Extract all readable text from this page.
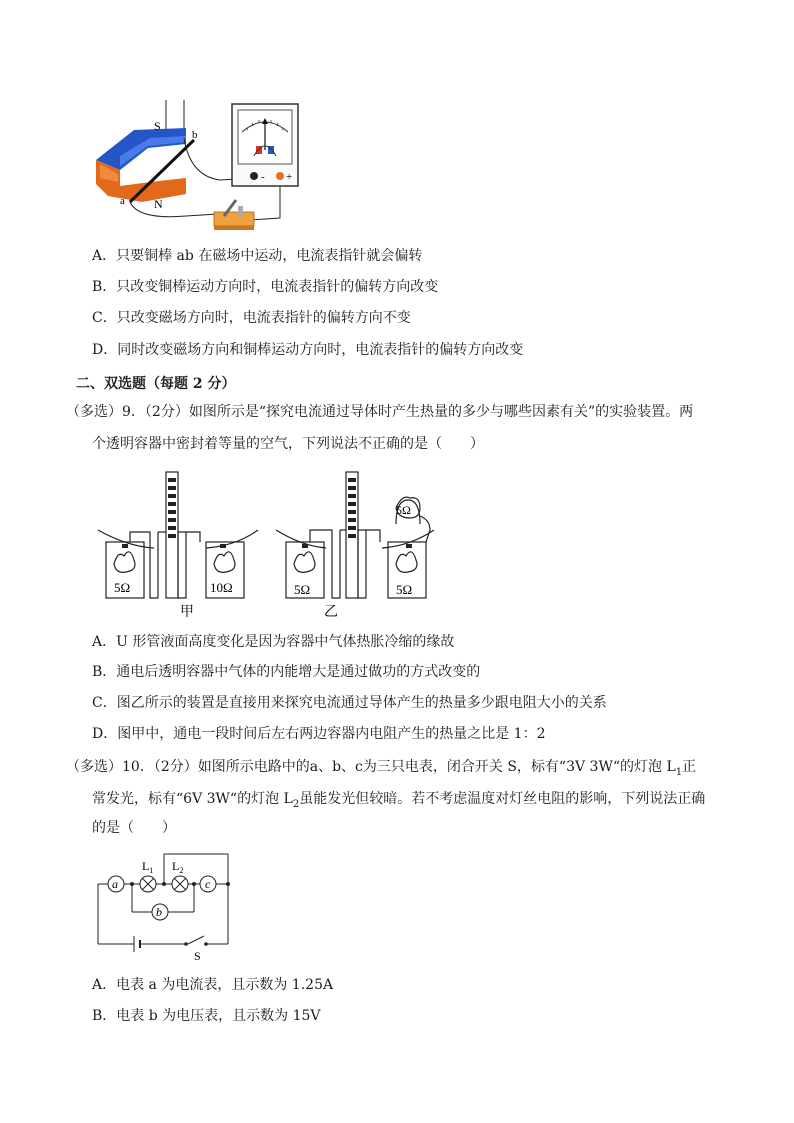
S
N
a
b
- +
A．只要铜棒 ab 在磁场中运动，电流表指针就会偏转
B．只改变铜棒运动方向时，电流表指针的偏转方向改变
C．只改变磁场方向时，电流表指针的偏转方向不变
D．同时改变磁场方向和铜棒运动方向时，电流表指针的偏转方向改变
二、双选题（每题 2 分）
（多选）9．（2分）如图所示是“探究电流通过导体时产生热量的多少与哪些因素有关”的实验装置。两
个透明容器中密封着等量的空气，下列说法不正确的是（　　）
5Ω	10Ω
甲
5Ω	5Ω
5Ω
乙
A．U 形管液面高度变化是因为容器中气体热胀冷缩的缘故
B．通电后透明容器中气体的内能增大是通过做功的方式改变的
C．图乙所示的装置是直接用来探究电流通过导体产生的热量多少跟电阻大小的关系
D．图甲中，通电一段时间后左右两边容器内电阻产生的热量之比是 1：2
（多选）10．（2分）如图所示电路中的a、b、c为三只电表，闭合开关 S，标有“3V 3W“的灯泡 $L_1$正
常发光，标有“6V 3W“的灯泡 $L_2$虽能发光但较暗。若不考虑温度对灯丝电阻的影响，下列说法正确
的是（　　）
a
b
c
$L_1$ $L_2$
S
A．电表 a 为电流表，且示数为 1.25A
B．电表 b 为电压表，且示数为 15V
